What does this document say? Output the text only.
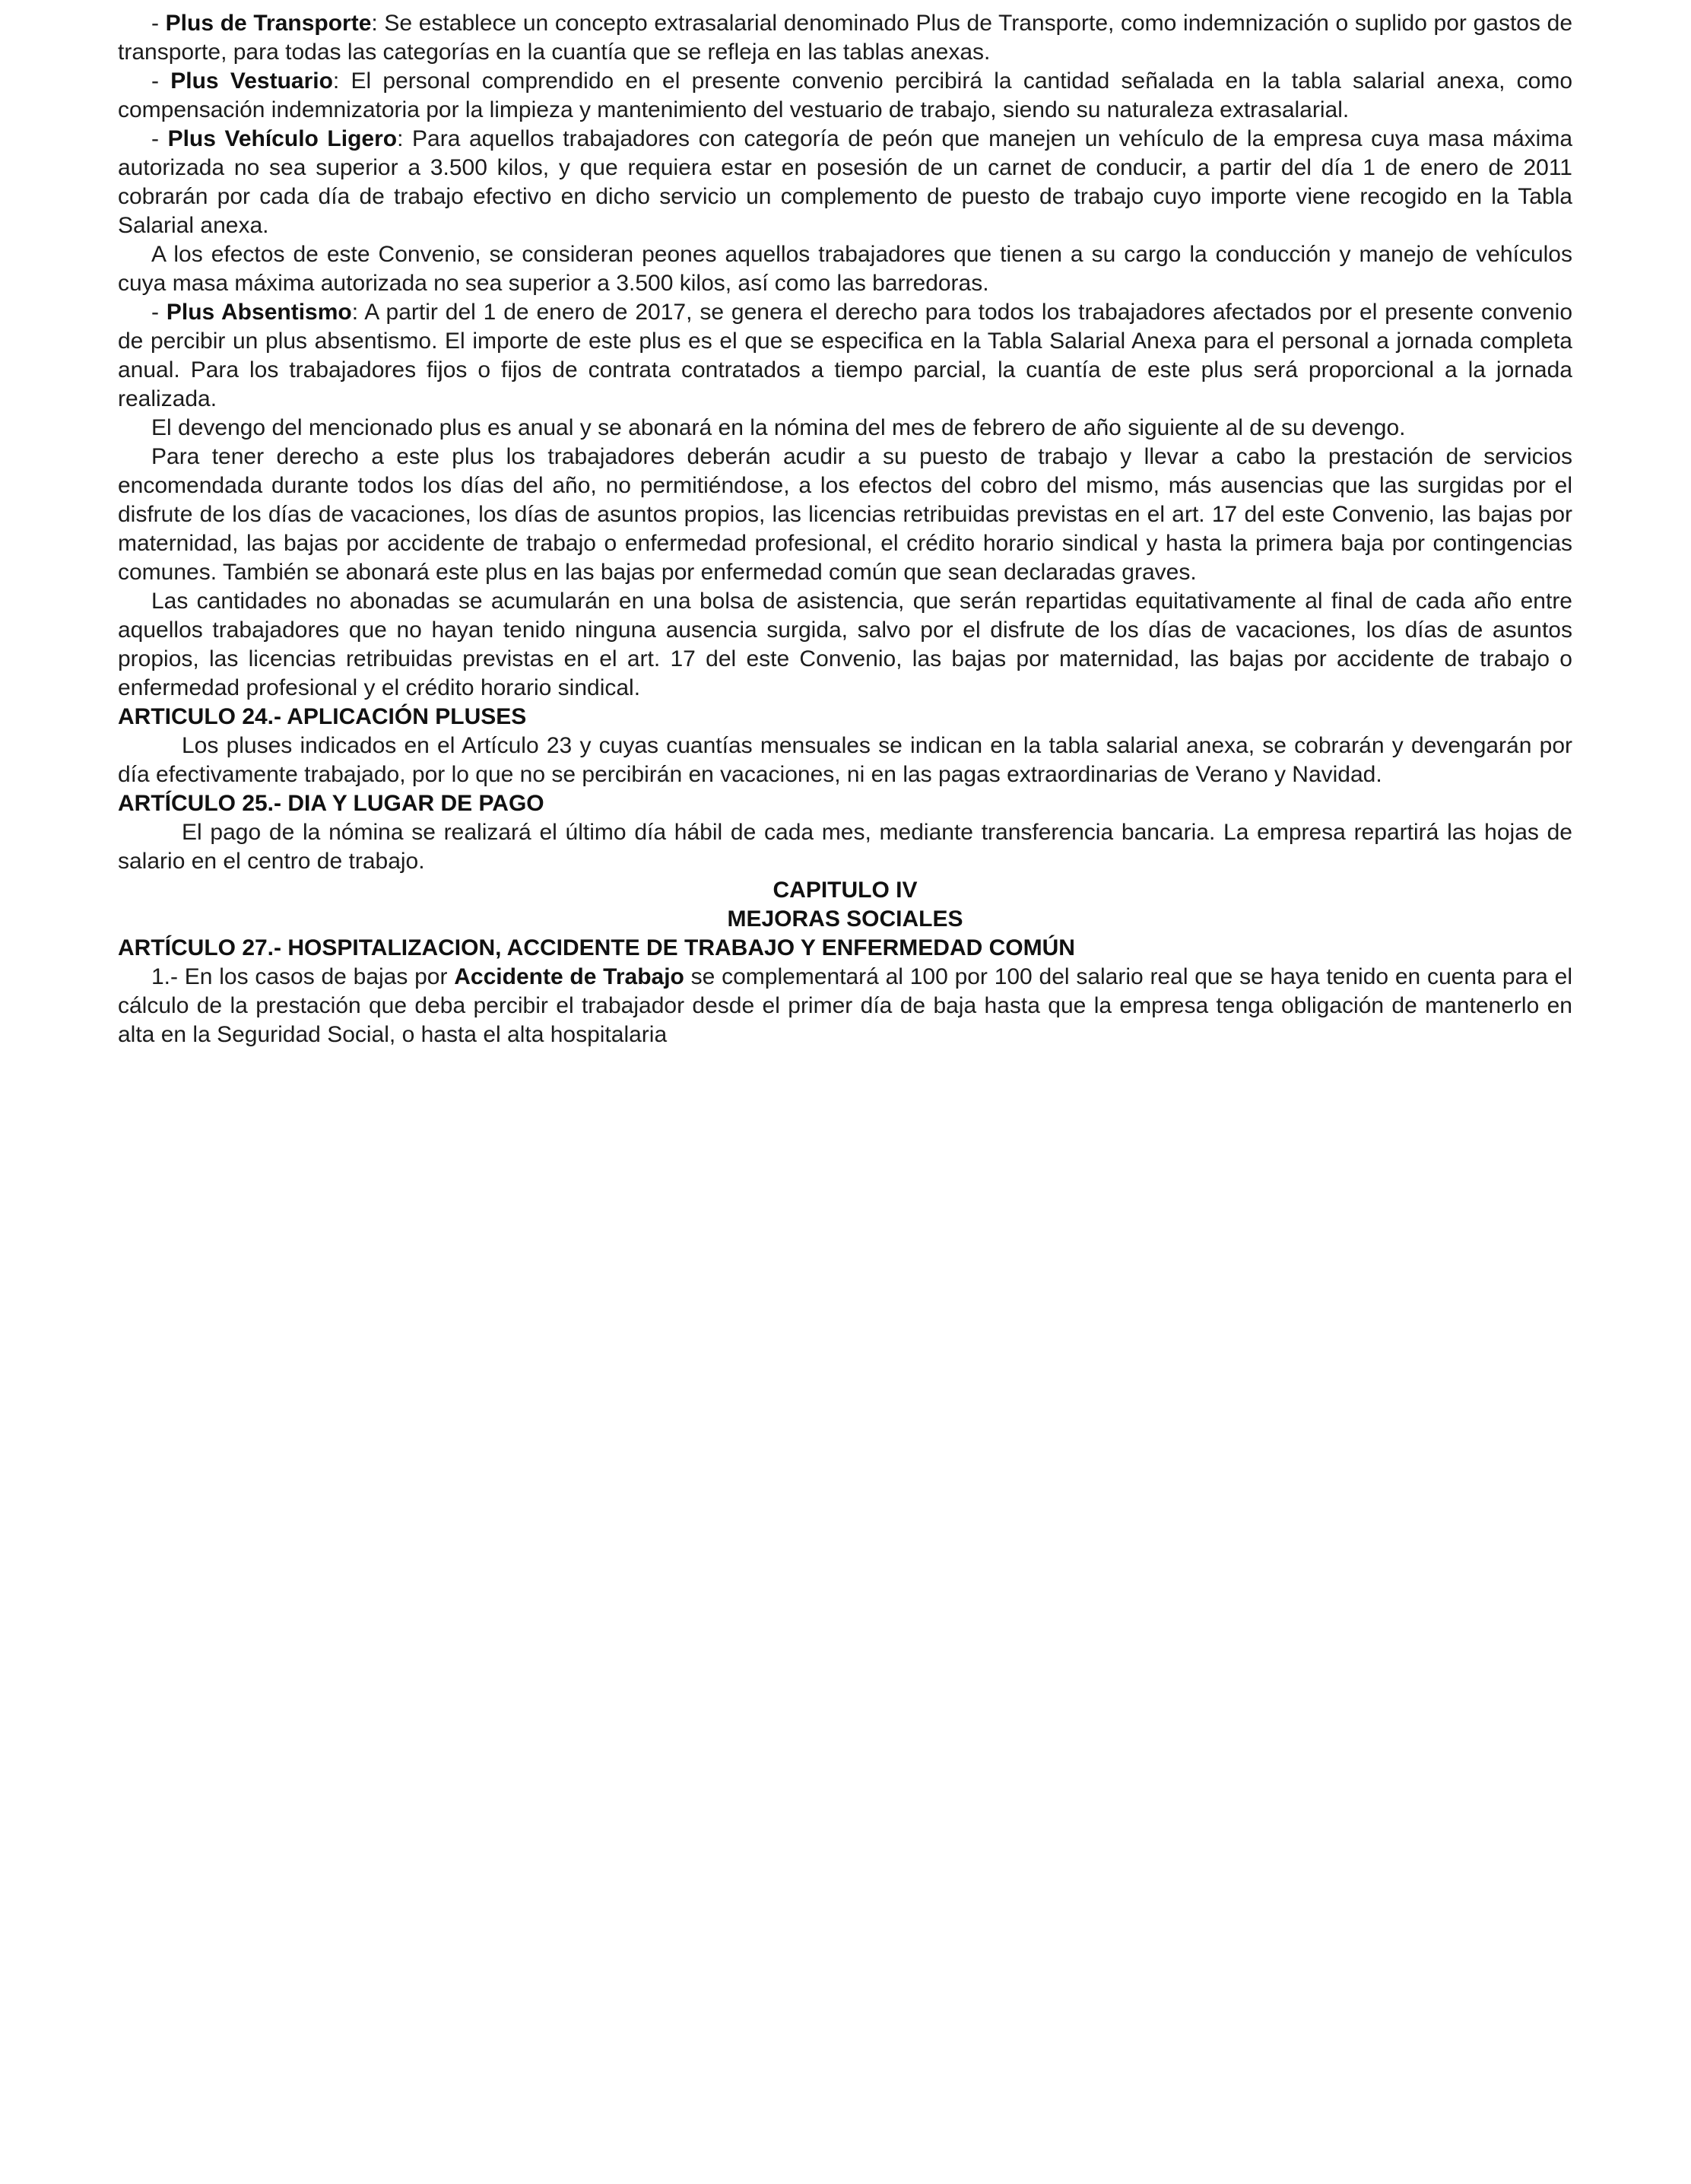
- Plus de Transporte: Se establece un concepto extrasalarial denominado Plus de Transporte, como indemnización o suplido por gastos de transporte, para todas las categorías en la cuantía que se refleja en las tablas anexas.

- Plus Vestuario: El personal comprendido en el presente convenio percibirá la cantidad señalada en la tabla salarial anexa, como compensación indemnizatoria por la limpieza y mantenimiento del vestuario de trabajo, siendo su naturaleza extrasalarial.

- Plus Vehículo Ligero: Para aquellos trabajadores con categoría de peón que manejen un vehículo de la empresa cuya masa máxima autorizada no sea superior a 3.500 kilos, y que requiera estar en posesión de un carnet de conducir, a partir del día 1 de enero de 2011 cobrarán por cada día de trabajo efectivo en dicho servicio un complemento de puesto de trabajo cuyo importe viene recogido en la Tabla Salarial anexa.

A los efectos de este Convenio, se consideran peones aquellos trabajadores que tienen a su cargo la conducción y manejo de vehículos cuya masa máxima autorizada no sea superior a 3.500 kilos, así como las barredoras.

- Plus Absentismo: A partir del 1 de enero de 2017, se genera el derecho para todos los trabajadores afectados por el presente convenio de percibir un plus absentismo. El importe de este plus es el que se especifica en la Tabla Salarial Anexa para el personal a jornada completa anual. Para los trabajadores fijos o fijos de contrata contratados a tiempo parcial, la cuantía de este plus será proporcional a la jornada realizada.

El devengo del mencionado plus es anual y se abonará en la nómina del mes de febrero de año siguiente al de su devengo.

Para tener derecho a este plus los trabajadores deberán acudir a su puesto de trabajo y llevar a cabo la prestación de servicios encomendada durante todos los días del año, no permitiéndose, a los efectos del cobro del mismo, más ausencias que las surgidas por el disfrute de los días de vacaciones, los días de asuntos propios, las licencias retribuidas previstas en el art. 17 del este Convenio, las bajas por maternidad, las bajas por accidente de trabajo o enfermedad profesional, el crédito horario sindical y hasta la primera baja por contingencias comunes. También se abonará este plus en las bajas por enfermedad común que sean declaradas graves.

Las cantidades no abonadas se acumularán en una bolsa de asistencia, que serán repartidas equitativamente al final de cada año entre aquellos trabajadores que no hayan tenido ninguna ausencia surgida, salvo por el disfrute de los días de vacaciones, los días de asuntos propios, las licencias retribuidas previstas en el art. 17 del este Convenio, las bajas por maternidad, las bajas por accidente de trabajo o enfermedad profesional y el crédito horario sindical.

ARTICULO 24.- APLICACIÓN PLUSES

Los pluses indicados en el Artículo 23 y cuyas cuantías mensuales se indican en la tabla salarial anexa, se cobrarán y devengarán por día efectivamente trabajado, por lo que no se percibirán en vacaciones, ni en las pagas extraordinarias de Verano y Navidad.

ARTÍCULO 25.- DIA Y LUGAR DE PAGO

El pago de la nómina se realizará el último día hábil de cada mes, mediante transferencia bancaria. La empresa repartirá las hojas de salario en el centro de trabajo.

CAPITULO IV

MEJORAS SOCIALES

ARTÍCULO 27.- HOSPITALIZACION, ACCIDENTE DE TRABAJO Y ENFERMEDAD COMÚN

1.- En los casos de bajas por Accidente de Trabajo se complementará al 100 por 100 del salario real que se haya tenido en cuenta para el cálculo de la prestación que deba percibir el trabajador desde el primer día de baja hasta que la empresa tenga obligación de mantenerlo en alta en la Seguridad Social, o hasta el alta hospitalaria
